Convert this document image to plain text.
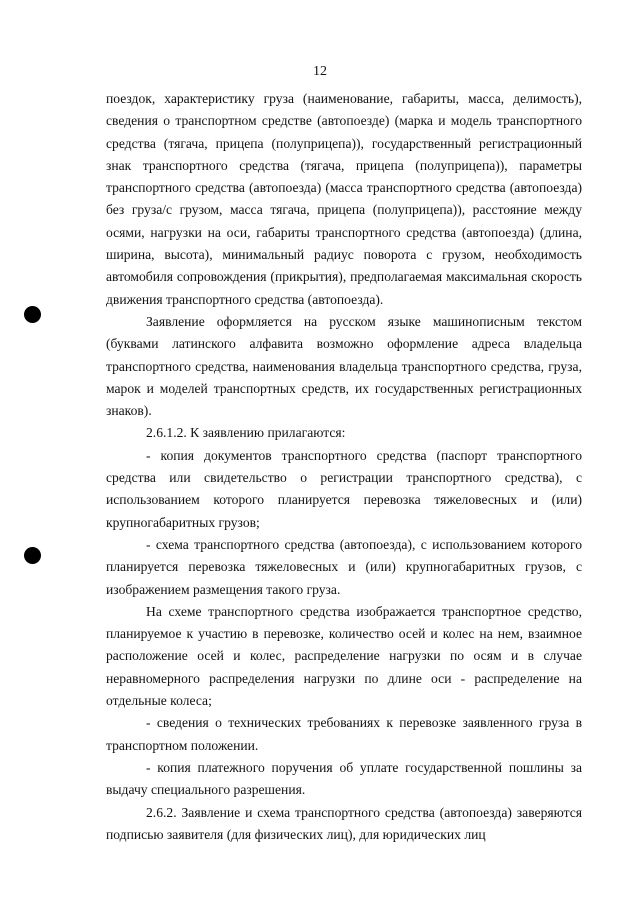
12

поездок, характеристику груза (наименование, габариты, масса, делимость), сведения о транспортном средстве (автопоезде) (марка и модель транспортного средства (тягача, прицепа (полуприцепа)), государственный регистрационный знак транспортного средства (тягача, прицепа (полуприцепа)), параметры транспортного средства (автопоезда) (масса транспортного средства (автопоезда) без груза/с грузом, масса тягача, прицепа (полуприцепа)), расстояние между осями, нагрузки на оси, габариты транспортного средства (автопоезда) (длина, ширина, высота), минимальный радиус поворота с грузом, необходимость автомобиля сопровождения (прикрытия), предполагаемая максимальная скорость движения транспортного средства (автопоезда).

Заявление оформляется на русском языке машинописным текстом (буквами латинского алфавита возможно оформление адреса владельца транспортного средства, наименования владельца транспортного средства, груза, марок и моделей транспортных средств, их государственных регистрационных знаков).

2.6.1.2. К заявлению прилагаются:

- копия документов транспортного средства (паспорт транспортного средства или свидетельство о регистрации транспортного средства), с использованием которого планируется перевозка тяжеловесных и (или) крупногабаритных грузов;

- схема транспортного средства (автопоезда), с использованием которого планируется перевозка тяжеловесных и (или) крупногабаритных грузов, с изображением размещения такого груза.

На схеме транспортного средства изображается транспортное средство, планируемое к участию в перевозке, количество осей и колес на нем, взаимное расположение осей и колес, распределение нагрузки по осям и в случае неравномерного распределения нагрузки по длине оси - распределение на отдельные колеса;

- сведения о технических требованиях к перевозке заявленного груза в транспортном положении.

- копия платежного поручения об уплате государственной пошлины за выдачу специального разрешения.

2.6.2. Заявление и схема транспортного средства (автопоезда) заверяются подписью заявителя (для физических лиц), для юридических лиц
